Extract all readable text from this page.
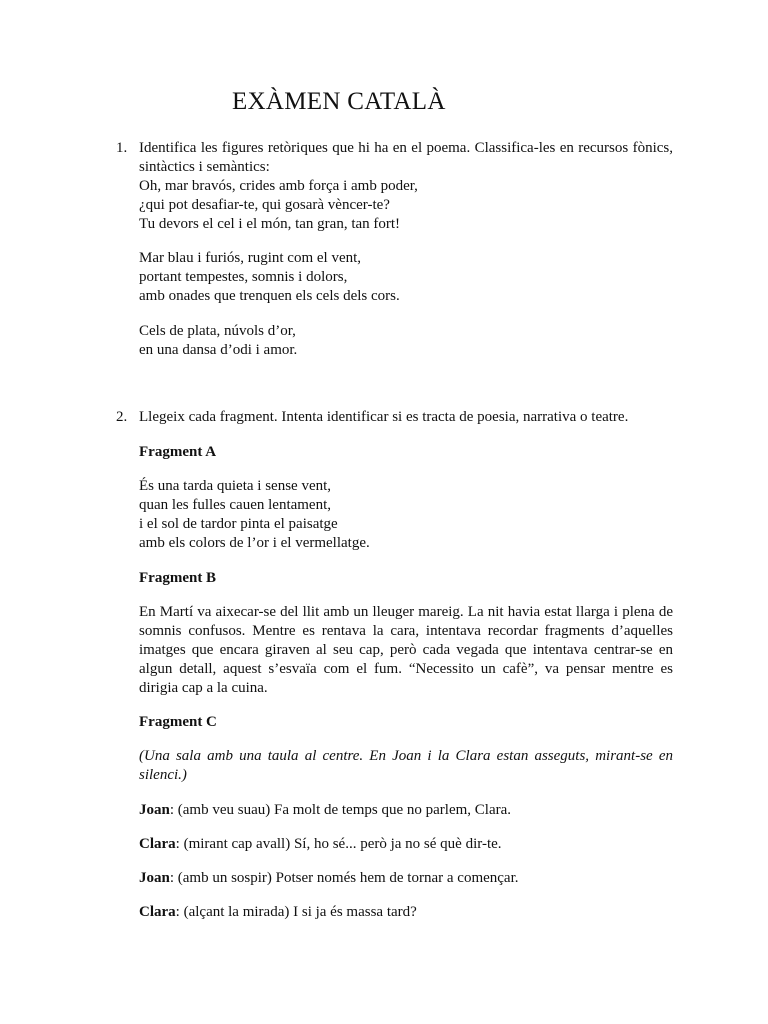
EXÀMEN CATALÀ
1. Identifica les figures retòriques que hi ha en el poema. Classifica-les en recursos fònics, sintàctics i semàntics:
Oh, mar bravós, crides amb força i amb poder,
¿qui pot desafiar-te, qui gosarà vèncer-te?
Tu devors el cel i el món, tan gran, tan fort!
Mar blau i furiós, rugint com el vent,
portant tempestes, somnis i dolors,
amb onades que trenquen els cels dels cors.
Cels de plata, núvols d’or,
en una dansa d’odi i amor.
2. Llegeix cada fragment. Intenta identificar si es tracta de poesia, narrativa o teatre.
Fragment A
És una tarda quieta i sense vent,
quan les fulles cauen lentament,
i el sol de tardor pinta el paisatge
amb els colors de l’or i el vermellatge.
Fragment B
En Martí va aixecar-se del llit amb un lleuger mareig. La nit havia estat llarga i plena de somnis confusos. Mentre es rentava la cara, intentava recordar fragments d’aquelles imatges que encara giraven al seu cap, però cada vegada que intentava centrar-se en algun detall, aquest s’esvaïa com el fum. “Necessito un cafè”, va pensar mentre es dirigia cap a la cuina.
Fragment C
(Una sala amb una taula al centre. En Joan i la Clara estan asseguts, mirant-se en silenci.)
Joan: (amb veu suau) Fa molt de temps que no parlem, Clara.
Clara: (mirant cap avall) Sí, ho sé... però ja no sé què dir-te.
Joan: (amb un sospir) Potser només hem de tornar a començar.
Clara: (alçant la mirada) I si ja és massa tard?
